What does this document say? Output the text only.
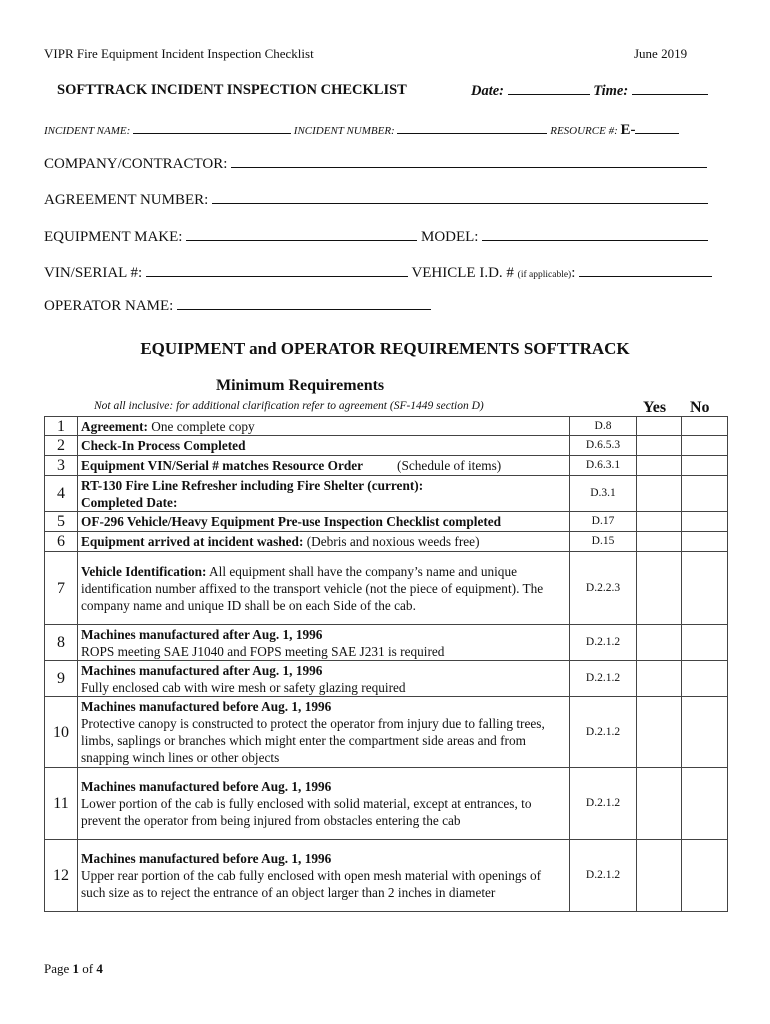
VIPR Fire Equipment Incident Inspection Checklist	June 2019
SOFTTRACK INCIDENT INSPECTION CHECKLIST	Date:	Time:
INCIDENT NAME:	INCIDENT NUMBER:	RESOURCE #: E-
COMPANY/CONTRACTOR:
AGREEMENT NUMBER:
EQUIPMENT MAKE:	MODEL:
VIN/SERIAL #:	VEHICLE I.D. # (if applicable):
OPERATOR NAME:
EQUIPMENT and OPERATOR REQUIREMENTS SOFTTRACK
Minimum Requirements
Not all inclusive: for additional clarification refer to agreement (SF-1449 section D)	Yes No
1	Agreement: One complete copy	D.8		
2	Check-In Process Completed	D.6.5.3		
3	Equipment VIN/Serial # matches Resource Order (Schedule of items)	D.6.3.1		
4	RT-130 Fire Line Refresher including Fire Shelter (current):
Completed Date:	D.3.1		
5	OF-296 Vehicle/Heavy Equipment Pre-use Inspection Checklist completed	D.17		
6	Equipment arrived at incident washed: (Debris and noxious weeds free)	D.15		
7	Vehicle Identification: All equipment shall have the company’s name and unique identification number affixed to the transport vehicle (not the piece of equipment). The company name and unique ID shall be on each Side of the cab.	D.2.2.3		
8	Machines manufactured after Aug. 1, 1996
ROPS meeting SAE J1040 and FOPS meeting SAE J231 is required	D.2.1.2		
9	Machines manufactured after Aug. 1, 1996
Fully enclosed cab with wire mesh or safety glazing required	D.2.1.2		
10	Machines manufactured before Aug. 1, 1996
Protective canopy is constructed to protect the operator from injury due to falling trees, limbs, saplings or branches which might enter the compartment side areas and from snapping winch lines or other objects	D.2.1.2		
11	Machines manufactured before Aug. 1, 1996
Lower portion of the cab is fully enclosed with solid material, except at entrances, to prevent the operator from being injured from obstacles entering the cab	D.2.1.2		
12	Machines manufactured before Aug. 1, 1996
Upper rear portion of the cab fully enclosed with open mesh material with openings of such size as to reject the entrance of an object larger than 2 inches in diameter	D.2.1.2		
Page 1 of 4
